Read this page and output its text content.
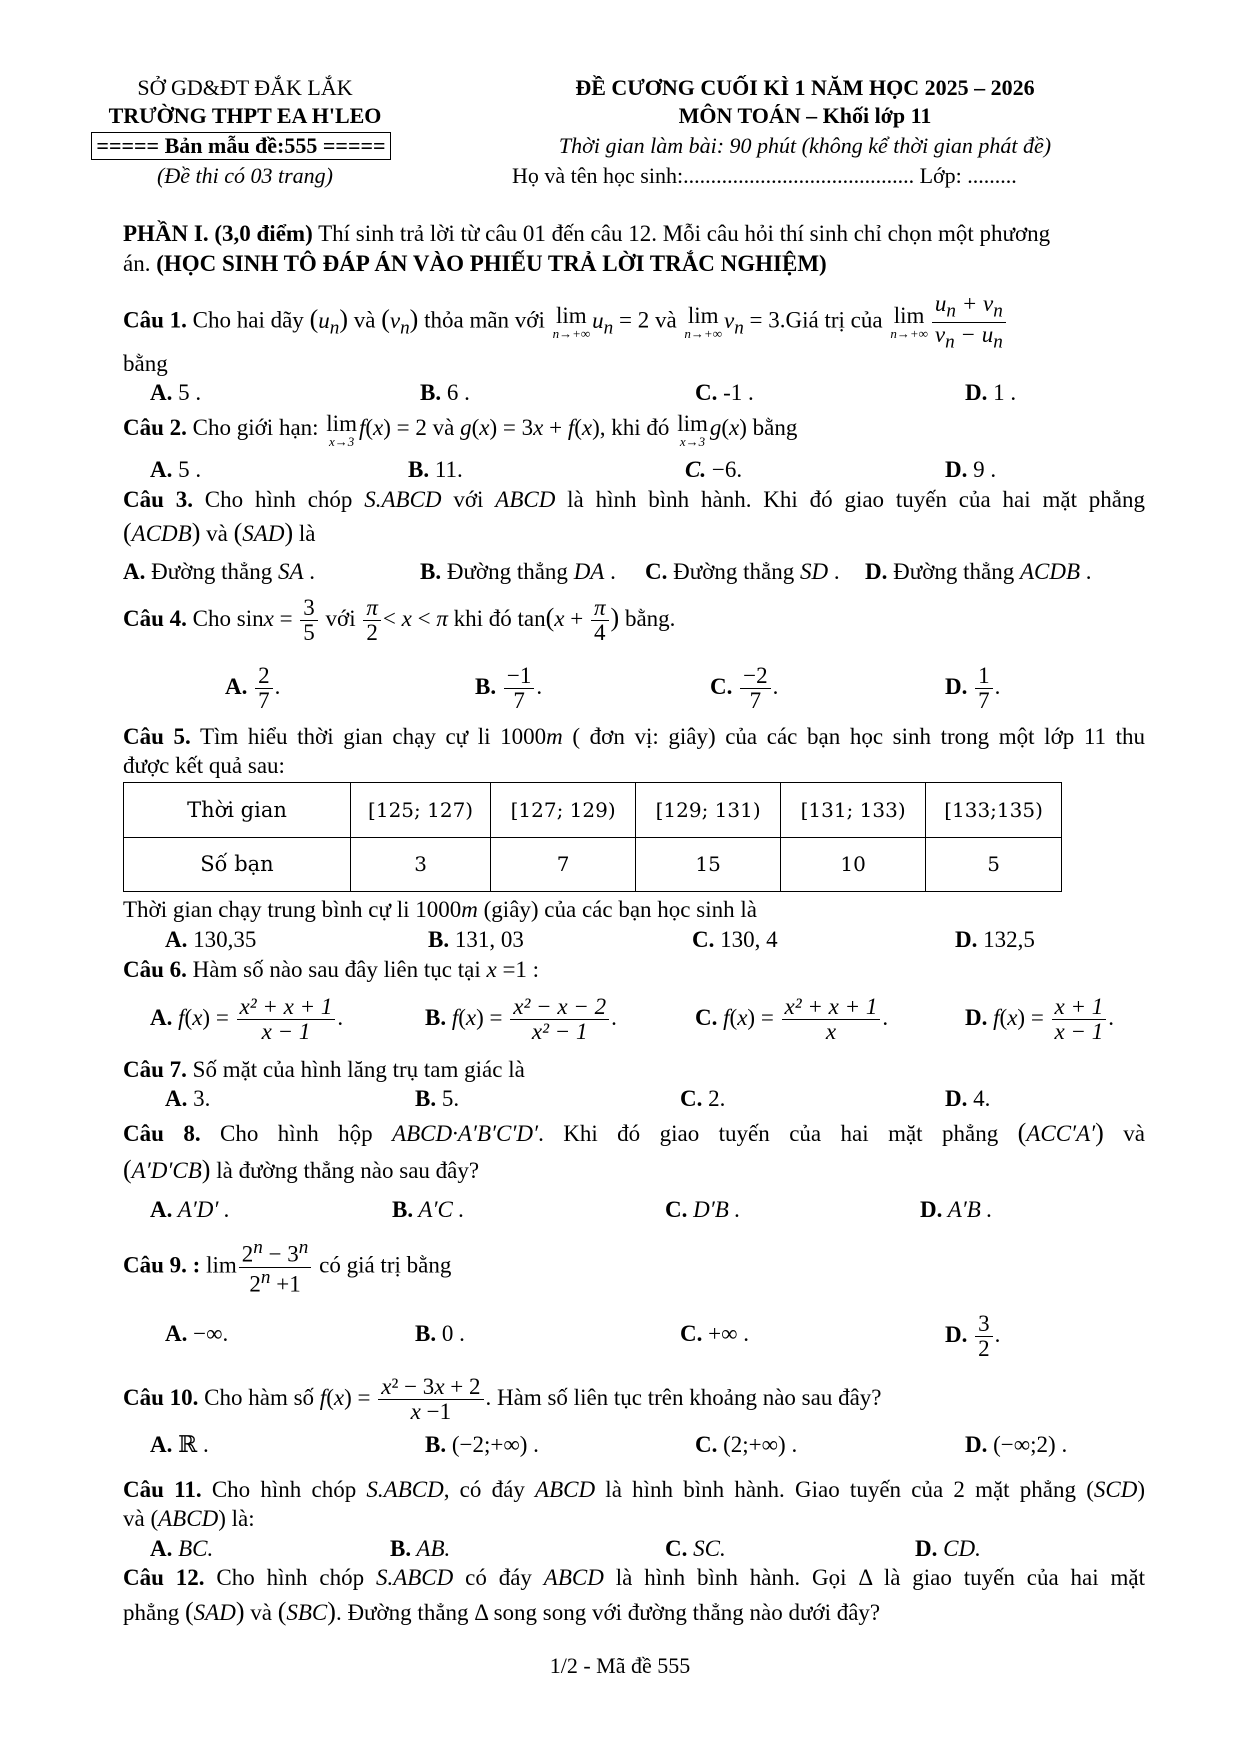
SỞ GD&ĐT ĐẮK LẮK
TRƯỜNG THPT EA H'LEO
===== Bản mẫu đề:555 =====
(Đề thi có 03 trang)
ĐỀ CƯƠNG CUỐI KÌ 1 NĂM HỌC 2025 – 2026
MÔN TOÁN – Khối lớp 11
Thời gian làm bài: 90 phút (không kể thời gian phát đề)
Họ và tên học sinh:.......................................... Lớp: .........
PHẦN I. (3,0 điểm) Thí sinh trả lời từ câu 01 đến câu 12. Mỗi câu hỏi thí sinh chỉ chọn một phương
án. (HỌC SINH TÔ ĐÁP ÁN VÀO PHIẾU TRẢ LỜI TRẮC NGHIỆM)
Câu 1. Cho hai dãy $(u_n)$ và $(v_n)$ thỏa mãn với lim
n→+∞
$u_n = 2$ và lim
n→+∞
$v_n$ = 3.Giá trị của lim
$n\to+\infty \frac{u_n + v_n}{v_n - u_n}$
bằng
A. 5 .	B. 6 .	C. -1 .	D. 1 .
Câu 2. Cho giới hạn: lim
x→3
f(x) = 2 và g(x) = 3x + f(x), khi đó lim
x→3
g(x) bằng
A. 5 .	B. 11.	C. −6.	D. 9 .
Câu 3. Cho hình chóp S.ABCD với ABCD là hình bình hành. Khi đó giao tuyến của hai mặt phẳng
(ACDB) và (SAD) là
A. Đường thẳng SA .	B. Đường thẳng DA . C. Đường thẳng SD . D. Đường thẳng ACDB .
Câu 4. Cho $\sin x = \frac{3}{5}$ với $\frac{\pi}{2} < x < \pi$ khi đó $\tan(x + \frac{\pi}{4}$ ) bằng.
A. $\frac{2}{7}$ .	B. $\frac{-1}{7}$ .	C. $\frac{-2}{7}$ .	D. $\frac{1}{7}$ .
Câu 5. Tìm hiểu thời gian chạy cự li 1000m ( đơn vị: giây) của các bạn học sinh trong một lớp 11 thu
được kết quả sau:
Thời gian	[125; 127)	[127; 129)	[129; 131)	[131; 133)	[133;135)
Số bạn	3	7	15	10	5
Thời gian chạy trung bình cự li 1000m (giây) của các bạn học sinh là
A. 130,35	B. 131, 03	C. 130, 4	D. 132,5
Câu 6. Hàm số nào sau đây liên tục tại x =1 :
A. $f(x) = \frac{\text{x² + x + 1}}{x - 1}$ .	B. $f(x) = \frac{\text{x² − x − 2}}{\text{x² − 1}}$ .	C. $f(x) = \frac{\text{x² + x + 1}}{x}$ .	D. $f(x) = \frac{x + 1}{x - 1}$ .
Câu 7. Số mặt của hình lăng trụ tam giác là
A. 3.	B. 5.	C. 2.	D. 4.
Câu 8. Cho hình hộp ABCD·A′B′C′D′. Khi đó giao tuyến của hai mặt phẳng (ACC′A′) và
(A′D′CB) là đường thẳng nào sau đây?
A. A′D′ .	B. A′C .	C. D′B .	D. A′B .
Câu 9. : $\lim \frac{2^n - 3^n}{2^n +1}$ có giá trị bằng
A. −∞.	B. 0 .	C. +∞ .	D. $\frac{3}{2}$ .
Câu 10. Cho hàm số $f(x) = \frac{\text{x² − 3x + 2}}{x -1}$ . Hàm số liên tục trên khoảng nào sau đây?
A. ℝ .	B. (−2;+∞) .	C. (2;+∞) .	D. (−∞;2) .
Câu 11. Cho hình chóp S.ABCD, có đáy ABCD là hình bình hành. Giao tuyến của 2 mặt phẳng (SCD)
và (ABCD) là:
A. BC.	B. AB.	C. SC.	D. CD.
Câu 12. Cho hình chóp S.ABCD có đáy ABCD là hình bình hành. Gọi Δ là giao tuyến của hai mặt
phẳng (SAD) và (SBC). Đường thẳng Δ song song với đường thẳng nào dưới đây?
1/2 - Mã đề 555
